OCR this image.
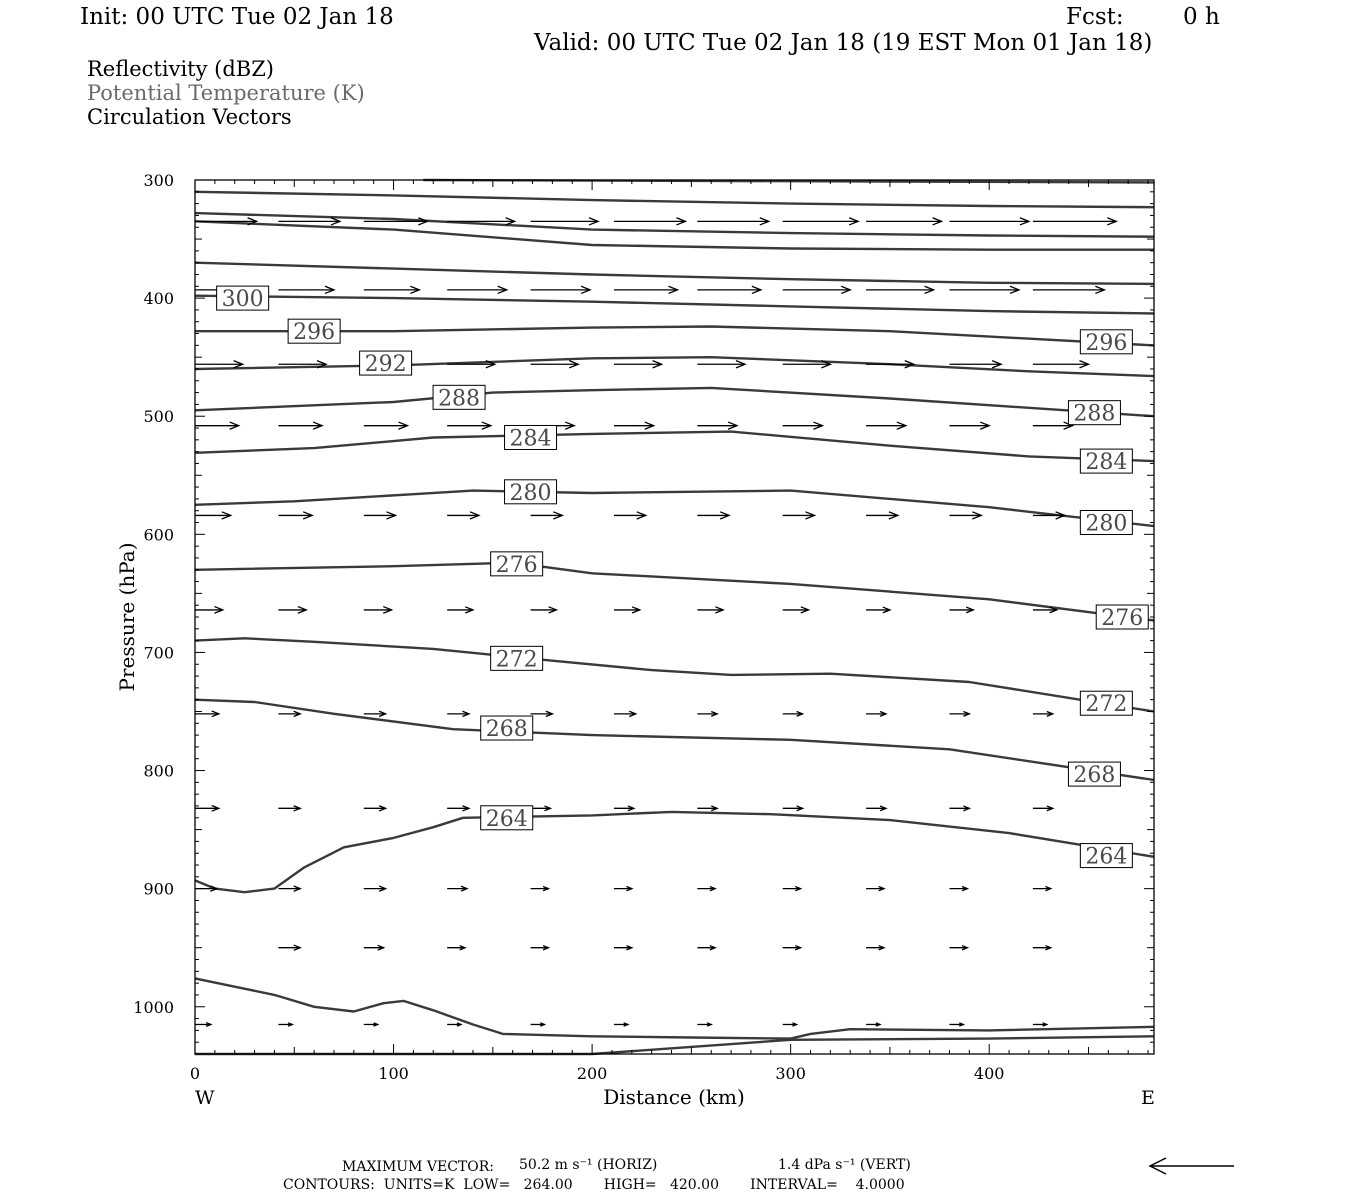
Init: 00 UTC Tue 02 Jan 18	Fcst:	0 h
Valid: 00 UTC Tue 02 Jan 18 (19 EST Mon 01 Jan 18)
Reflectivity (dBZ)
Potential Temperature (K)
Circulation Vectors
300
296
292
288
284
280
276
272
268
264
296
288
284
280
276
272
268
264
300
400
500
600
700
800
900
1000
0	100	200	300	400
W	E
Distance (km)
Pressure (hPa)
MAXIMUM VECTOR: 50.2 m s⁻¹ (HORIZ)	1.4 dPa s⁻¹ (VERT)
CONTOURS:  UNITS=K  LOW=   264.00       HIGH=   420.00       INTERVAL=    4.0000
